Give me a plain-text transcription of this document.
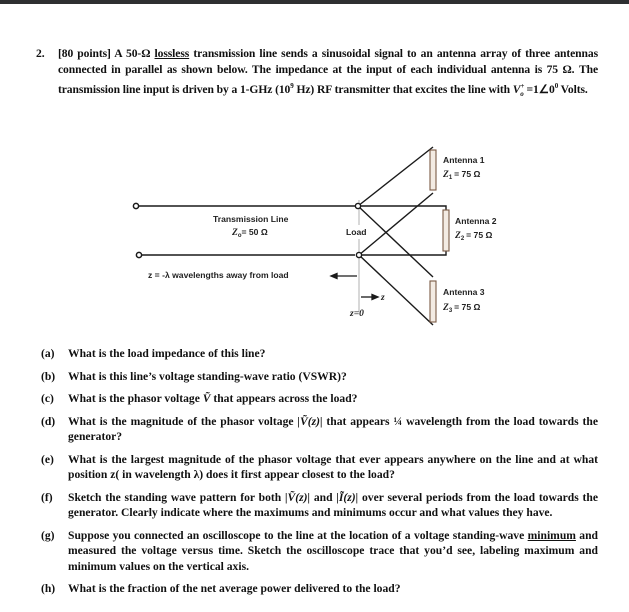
2. [80 points] A 50-Ω lossless transmission line sends a sinusoidal signal to an antenna array of three antennas connected in parallel as shown below. The impedance at the input of each individual antenna is 75 Ω. The transmission line input is driven by a 1-GHz ($10^9$ Hz) RF transmitter that excites the line with $V^+_o$ $=1\angle 0^0$ Volts.
Transmission Line
$Z_o= 50$ Ω	Load
Antenna 1
$Z_1 = 75$ Ω
Antenna 2
$Z_2 = 75$ Ω
Antenna 3
$Z_3 = 75$ Ω
z = -λ wavelengths away from load
z
z=0
(a) What is the load impedance of this line?
(b) What is this line’s voltage standing-wave ratio (VSWR)?
(c) What is the phasor voltage Ṽ that appears across the load?
(d) What is the magnitude of the phasor voltage |Ṽ(z)| that appears ¼ wavelength from the load towards the generator?
(e) What is the largest magnitude of the phasor voltage that ever appears anywhere on the line and at what position z( in wavelength λ) does it first appear closest to the load?
(f) Sketch the standing wave pattern for both |Ṽ(z)| and |Ĩ(z)| over several periods from the load towards the generator. Clearly indicate where the maximums and minimums occur and what values they have.
(g) Suppose you connected an oscilloscope to the line at the location of a voltage standing-wave minimum and measured the voltage versus time. Sketch the oscilloscope trace that you’d see, labeling maximum and minimum values on the vertical axis.
(h) What is the fraction of the net average power delivered to the load?
